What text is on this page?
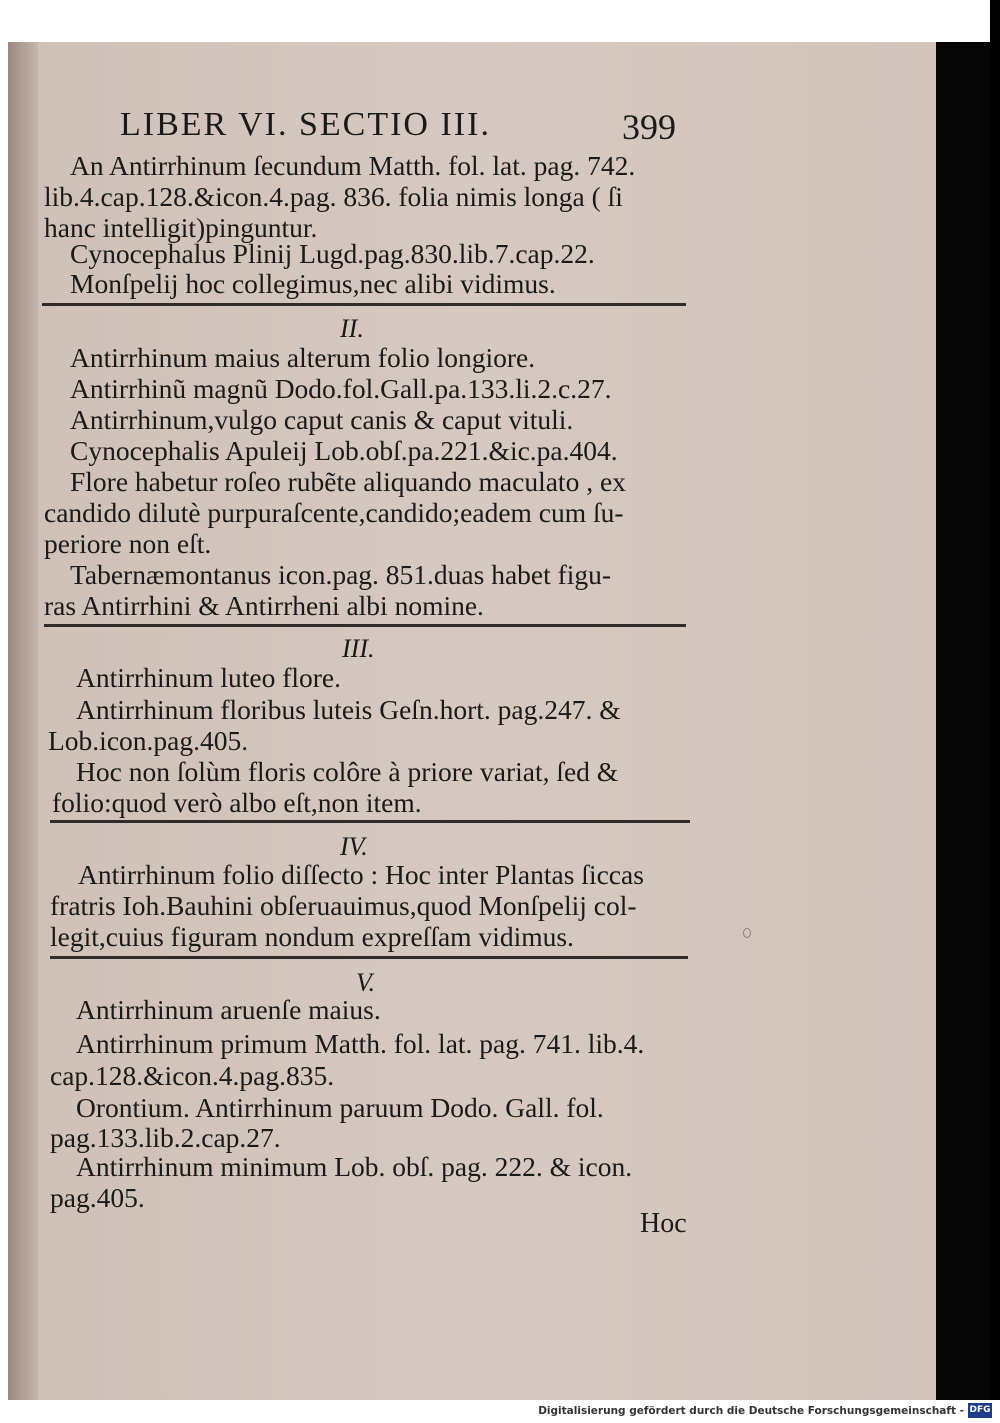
LIBER VI. SECTIO III.	399
An Antirrhinum ſecundum Matth. fol. lat. pag. 742.
lib.4.cap.128.&icon.4.pag. 836. folia nimis longa ( ſi
hanc intelligit)pinguntur.
Cynocephalus Plinij Lugd.pag.830.lib.7.cap.22.
Monſpelij hoc collegimus,nec alibi vidimus.
II.
Antirrhinum maius alterum folio longiore.
Antirrhinũ magnũ Dodo.fol.Gall.pa.133.li.2.c.27.
Antirrhinum,vulgo caput canis & caput vituli.
Cynocephalis Apuleij Lob.obſ.pa.221.&ic.pa.404.
Flore habetur roſeo rubẽte aliquando maculato , ex
candido dilutè purpuraſcente,candido;eadem cum ſu-
periore non eſt.
Tabernæmontanus icon.pag. 851.duas habet figu-
ras Antirrhini & Antirrheni albi nomine.
III.
Antirrhinum luteo flore.
Antirrhinum floribus luteis Geſn.hort. pag.247. &
Lob.icon.pag.405.
Hoc non ſolùm floris colôre à priore variat, ſed &
folio:quod verò albo eſt,non item.
IV.
Antirrhinum folio diſſecto : Hoc inter Plantas ſiccas
fratris Ioh.Bauhini obſeruauimus,quod Monſpelij col-
legit,cuius figuram nondum expreſſam vidimus.
V.
Antirrhinum aruenſe maius.
Antirrhinum primum Matth. fol. lat. pag. 741. lib.4.
cap.128.&icon.4.pag.835.
Orontium. Antirrhinum paruum Dodo. Gall. fol.
pag.133.lib.2.cap.27.
Antirrhinum minimum Lob. obſ. pag. 222. & icon.
pag.405.
Hoc
Digitalisierung gefördert durch die Deutsche Forschungsgemeinschaft - DFG
